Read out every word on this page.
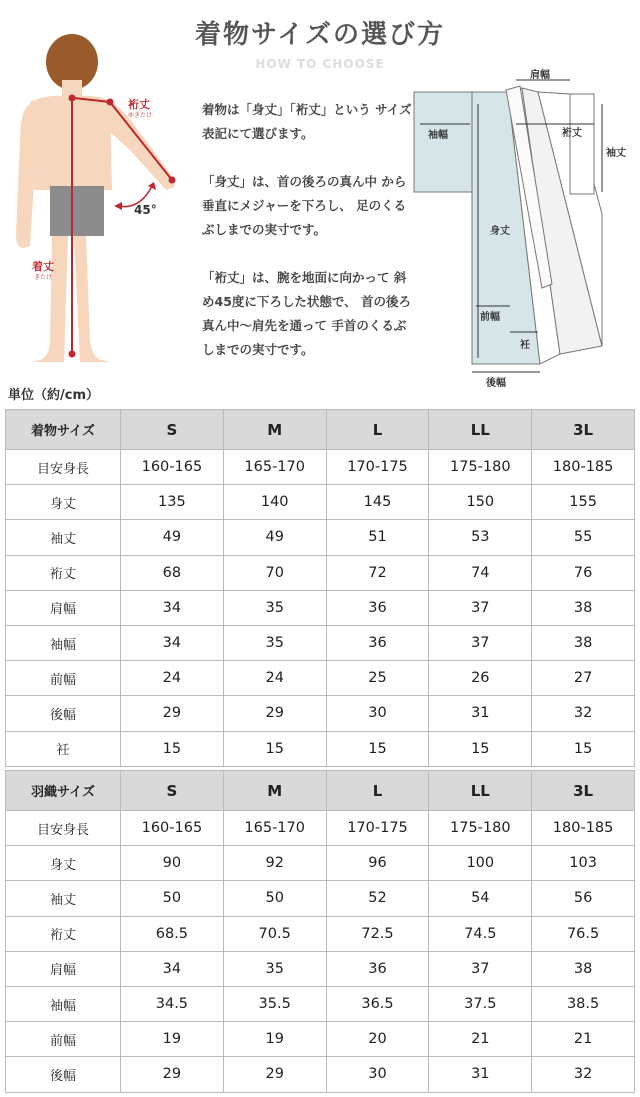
着物サイズの選び方
HOW TO CHOOSE
裄丈
ゆきたけ
着丈
きたけ
45°

着物は「身丈」「裄丈」という サイズ表記にて選びます。

「身丈」は、首の後ろの真ん中 から垂直にメジャーを下ろし、 足のくるぶしまでの実寸です。

「裄丈」は、腕を地面に向かって 斜め45度に下ろした状態で、 首の後ろ真ん中〜肩先を通って 手首のくるぶしまでの実寸です。

肩幅
袖幅	裄丈
袖丈
身丈
前幅
衽
後幅
単位（約/cm）
着物サイズ	S	M	L	LL	3L
目安身長	160-165	165-170	170-175	175-180	180-185
身丈	135	140	145	150	155
袖丈	49	49	51	53	55
裄丈	68	70	72	74	76
肩幅	34	35	36	37	38
袖幅	34	35	36	37	38
前幅	24	24	25	26	27
後幅	29	29	30	31	32
衽	15	15	15	15	15
羽織サイズ	S	M	L	LL	3L
目安身長	160-165	165-170	170-175	175-180	180-185
身丈	90	92	96	100	103
袖丈	50	50	52	54	56
裄丈	68.5	70.5	72.5	74.5	76.5
肩幅	34	35	36	37	38
袖幅	34.5	35.5	36.5	37.5	38.5
前幅	19	19	20	21	21
後幅	29	29	30	31	32
